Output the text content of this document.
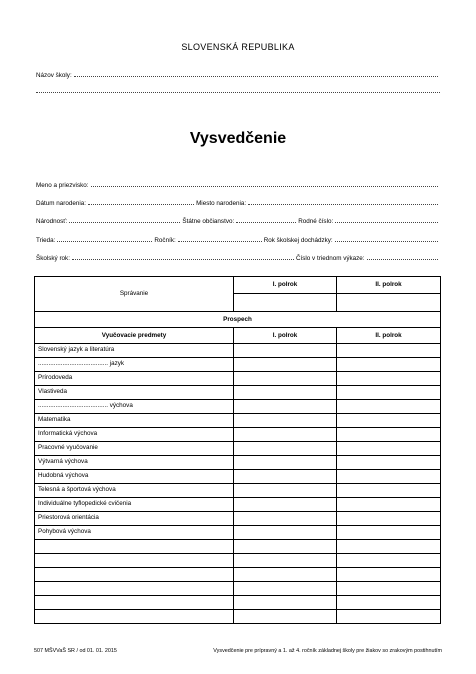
SLOVENSKÁ REPUBLIKA
Názov školy:
Vysvedčenie
Meno a priezvisko:
Dátum narodenia:	Miesto narodenia:
Národnosť:	Štátne občianstvo:	Rodné číslo:
Trieda:	Ročník:	Rok školskej dochádzky:
Školský rok:	Číslo v triednom výkaze:
Správanie	I. polrok	II. polrok

Prospech		
Vyučovacie predmety	I. polrok	II. polrok
Slovenský jazyk a literatúra		
........................................ jazyk		
Prírodoveda		
Vlastiveda		
........................................ výchova		
Matematika		
Informatická výchova		
Pracovné vyučovanie		
Výtvarná výchova		
Hudobná výchova		
Telesná a športová výchova		
Individuálne tyflopedické cvičenia		
Priestorová orientácia		
Pohybová výchova		

507 MŠVVaŠ SR / od 01. 01. 2015	Vysvedčenie pre prípravný a 1. až 4. ročník základnej školy pre žiakov so zrakovým postihnutím
